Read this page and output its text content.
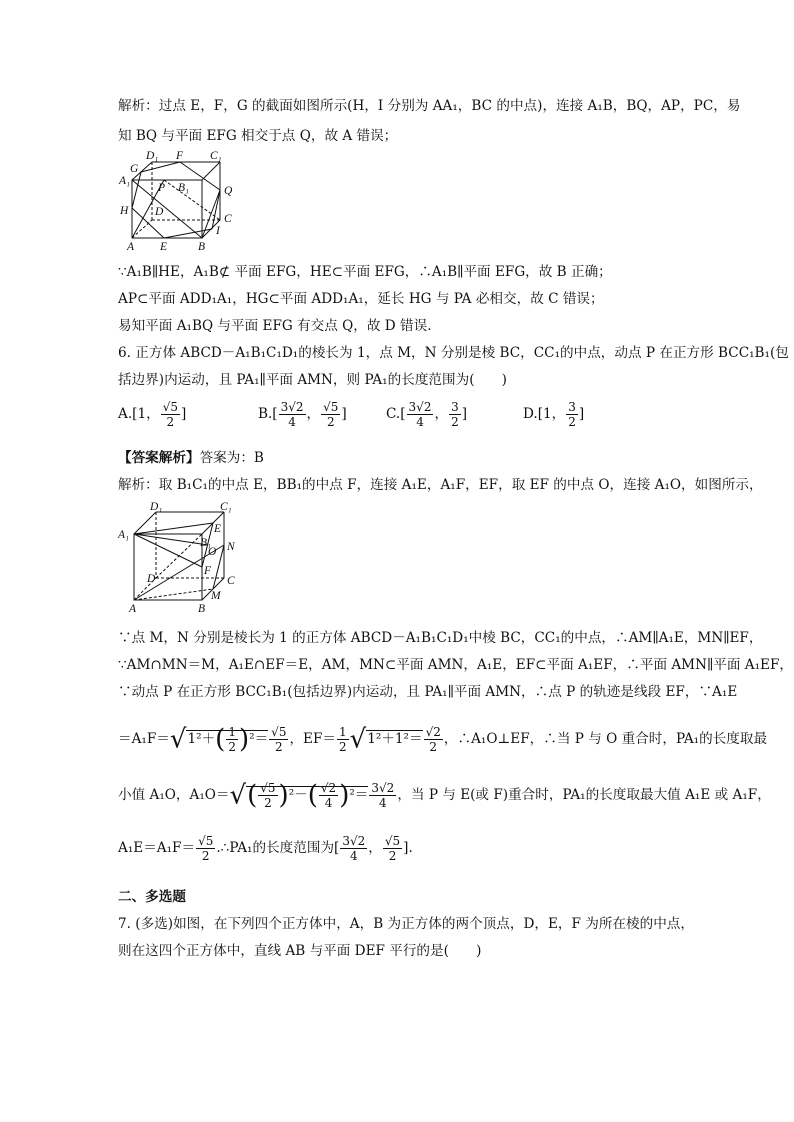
解析：过点 E，F，G 的截面如图所示(H，I 分别为 AA₁，BC 的中点)，连接 A₁B，BQ，AP，PC，易
知 BQ 与平面 EFG 相交于点 Q，故 A 错误；
D₁ F C₁
A₁
G
P B₁	Q
H D
I
C
A E	B
∵A₁B∥HE，A₁B⊄ 平面 EFG，HE⊂平面 EFG，∴A₁B∥平面 EFG，故 B 正确；
AP⊂平面 ADD₁A₁，HG⊂平面 ADD₁A₁，延长 HG 与 PA 必相交，故 C 错误；
易知平面 A₁BQ 与平面 EFG 有交点 Q，故 D 错误.
6. 正方体 ABCD－A₁B₁C₁D₁的棱长为 1，点 M，N 分别是棱 BC，CC₁的中点，动点 P 在正方形 BCC₁B₁(包
括边界)内运动，且 PA₁∥平面 AMN，则 PA₁的长度范围为(　　)
A.[1， $\frac{√5}{2}$ ]	$B.[ \frac{3√2}{4}$ ， $\frac{√5}{2}$ ]	$C.[ \frac{3√2}{4}$ ， $\frac{3}{2}$ ]	D.[1， $\frac{3}{2}$ ]
【答案解析】答案为：B
解析：取 B₁C₁的中点 E，BB₁的中点 F，连接 A₁E，A₁F，EF，取 EF 的中点 O，连接 A₁O，如图所示，
D₁	C₁
A₁
B₁
E
O N
F
D	C
M
A	B
∵点 M，N 分别是棱长为 1 的正方体 ABCD－A₁B₁C₁D₁中棱 BC，CC₁的中点，∴AM∥A₁E，MN∥EF，
∵AM∩MN＝M，A₁E∩EF＝E，AM，MN⊂平面 AMN，A₁E，EF⊂平面 A₁EF，∴平面 AMN∥平面 A₁EF，
∵动点 P 在正方形 BCC₁B₁(包括边界)内运动，且 PA₁∥平面 AMN，∴点 P 的轨迹是线段 EF，∵A₁E
$=A_1F=√1^2+( \frac{1}{2} )^2= \frac{√5}{2}$ ，$EF= \frac{1}{2} √1^2+1^2= \frac{√2}{2}$ ，∴A₁O⊥EF，∴当 P 与 O 重合时，PA₁的长度取最
小值 A₁O，$A_1O=√( \frac{√5}{2} )^2-( \frac{√2}{4} )^2= \frac{3√2}{4}$ ，当 P 与 E(或 F)重合时，PA₁的长度取最大值 A₁E 或 A₁F，
$A_1E=A_1F= \frac{√5}{2}$ .∴PA₁的长度范围为[ $\frac{3√2}{4}$ ， $\frac{√5}{2}$ ].
二、多选题
7. (多选)如图，在下列四个正方体中，A，B 为正方体的两个顶点，D，E，F 为所在棱的中点，
则在这四个正方体中，直线 AB 与平面 DEF 平行的是(　　)
